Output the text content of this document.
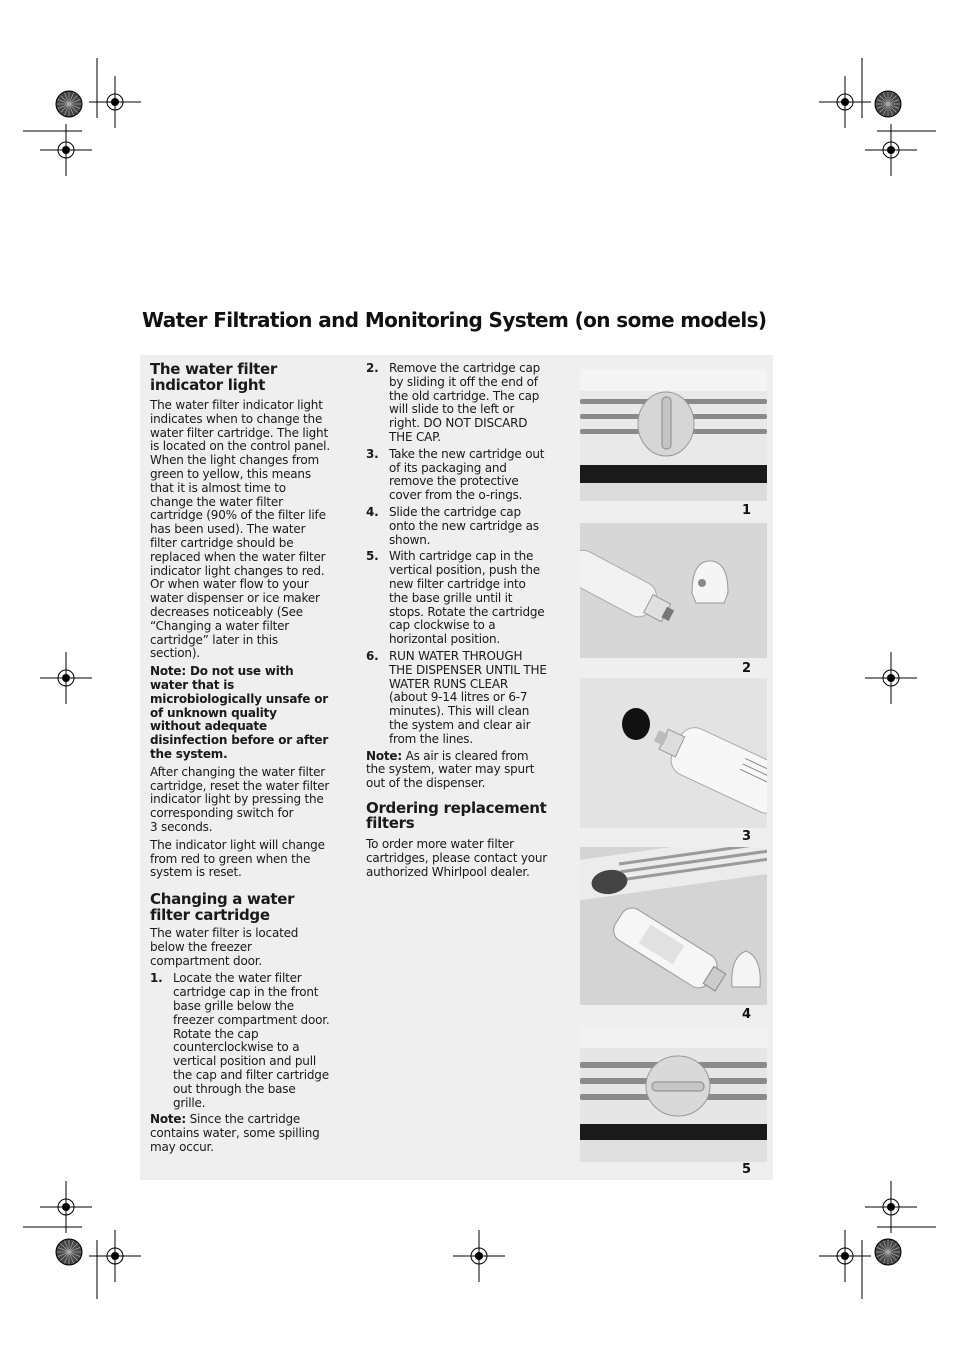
Water Filtration and Monitoring System (on some models)
The water filter indicator light

The water filter indicator light indicates when to change the water filter cartridge. The light is located on the control panel. When the light changes from green to yellow, this means that it is almost time to change the water filter cartridge (90% of the filter life has been used). The water filter cartridge should be replaced when the water filter indicator light changes to red. Or when water flow to your water dispenser or ice maker decreases noticeably (See “Changing a water filter cartridge” later in this section).

Note: Do not use with water that is microbiologically unsafe or of unknown quality without adequate disinfection before or after the system.

After changing the water filter cartridge, reset the water filter indicator light by pressing the corresponding switch for

3 seconds.

The indicator light will change from red to green when the system is reset.

Changing a water filter cartridge

The water filter is located below the freezer compartment door.

1. Locate the water filter cartridge cap in the front base grille below the freezer compartment door. Rotate the cap counterclockwise to a vertical position and pull the cap and filter cartridge out through the base grille.

Note: Since the cartridge contains water, some spilling may occur.

2. Remove the cartridge cap by sliding it off the end of the old cartridge. The cap will slide to the left or right. DO NOT DISCARD THE CAP.
3. Take the new cartridge out of its packaging and remove the protective cover from the o-rings.
4. Slide the cartridge cap onto the new cartridge as shown.
5. With cartridge cap in the vertical position, push the new filter cartridge into the base grille until it stops. Rotate the cartridge cap clockwise to a horizontal position.
6. RUN WATER THROUGH THE DISPENSER UNTIL THE WATER RUNS CLEAR (about 9-14 litres or 6-7 minutes). This will clean the system and clear air from the lines.

Note: As air is cleared from the system, water may spurt out of the dispenser.

Ordering replacement filters

To order more water filter cartridges, please contact your authorized Whirlpool dealer.

1
2
3
4
5
